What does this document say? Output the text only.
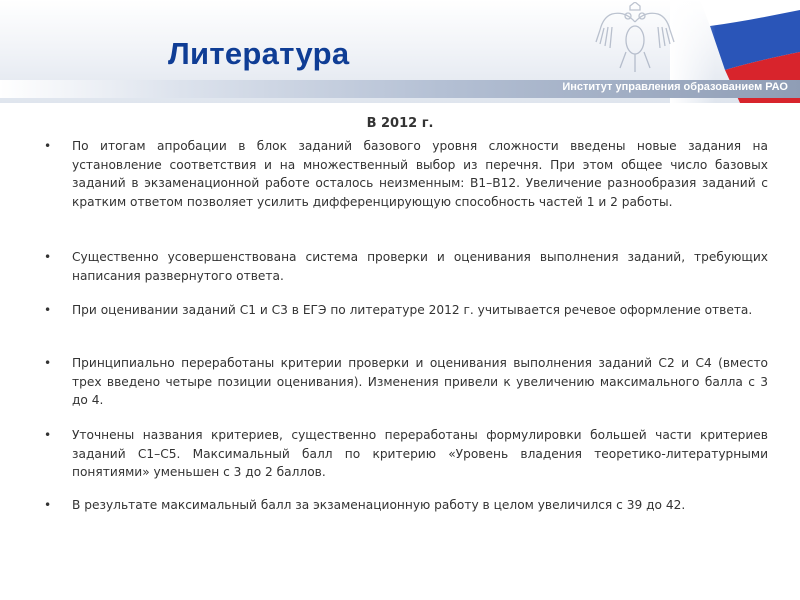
Литература
Институт управления образованием РАО
В 2012 г.
• По итогам апробации в блок заданий базового уровня сложности введены новые задания на установление соответствия и на множественный выбор из перечня. При этом общее число базовых заданий в экзаменационной работе осталось неизменным: В1–В12. Увеличение разнообразия заданий с кратким ответом позволяет усилить дифференцирующую способность частей 1 и 2 работы.
• Существенно усовершенствована система проверки и оценивания выполнения заданий, требующих написания развернутого ответа.
• При оценивании заданий С1 и С3 в ЕГЭ по литературе 2012 г. учитывается речевое оформление ответа.
• Принципиально переработаны критерии проверки и оценивания выполнения заданий С2 и С4 (вместо трех введено четыре позиции оценивания). Изменения привели к увеличению максимального балла с 3 до 4.
• Уточнены названия критериев, существенно переработаны формулировки большей части критериев заданий С1–С5. Максимальный балл по критерию «Уровень владения теоретико-литературными понятиями» уменьшен с 3 до 2 баллов.
• В результате максимальный балл за экзаменационную работу в целом увеличился с 39 до 42.
